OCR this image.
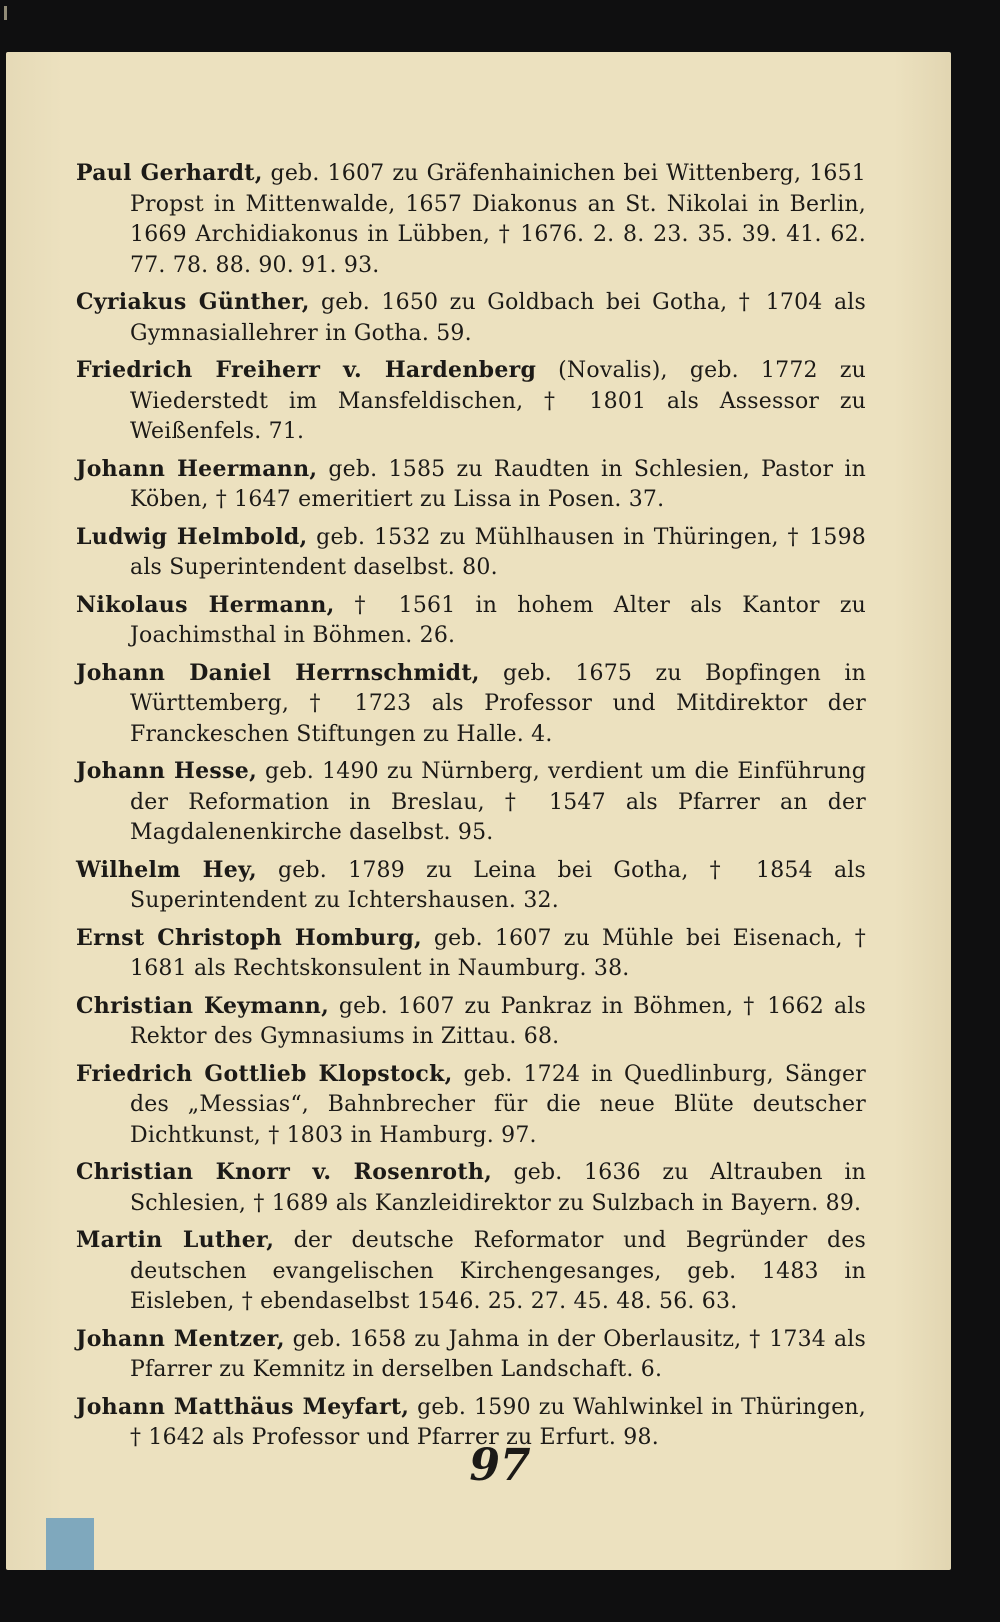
Paul Gerhardt, geb. 1607 zu Gräfenhainichen bei Wittenberg, 1651 Propst in Mittenwalde, 1657 Diakonus an St. Nikolai in Berlin, 1669 Archidiakonus in Lübben, † 1676. 2. 8. 23. 35. 39. 41. 62. 77. 78. 88. 90. 91. 93.

Cyriakus Günther, geb. 1650 zu Goldbach bei Gotha, † 1704 als Gymnasiallehrer in Gotha. 59.

Friedrich Freiherr v. Hardenberg (Novalis), geb. 1772 zu Wiederstedt im Mansfeldischen, † 1801 als Assessor zu Weißenfels. 71.

Johann Heermann, geb. 1585 zu Raudten in Schlesien, Pastor in Köben, † 1647 emeritiert zu Lissa in Posen. 37.

Ludwig Helmbold, geb. 1532 zu Mühlhausen in Thüringen, † 1598 als Superintendent daselbst. 80.

Nikolaus Hermann, † 1561 in hohem Alter als Kantor zu Joachimsthal in Böhmen. 26.

Johann Daniel Herrnschmidt, geb. 1675 zu Bopfingen in Württemberg, † 1723 als Professor und Mitdirektor der Franckeschen Stiftungen zu Halle. 4.

Johann Hesse, geb. 1490 zu Nürnberg, verdient um die Einführung der Reformation in Breslau, † 1547 als Pfarrer an der Magdalenenkirche daselbst. 95.

Wilhelm Hey, geb. 1789 zu Leina bei Gotha, † 1854 als Superintendent zu Ichtershausen. 32.

Ernst Christoph Homburg, geb. 1607 zu Mühle bei Eisenach, † 1681 als Rechtskonsulent in Naumburg. 38.

Christian Keymann, geb. 1607 zu Pankraz in Böhmen, † 1662 als Rektor des Gymnasiums in Zittau. 68.

Friedrich Gottlieb Klopstock, geb. 1724 in Quedlinburg, Sänger des „Messias“, Bahnbrecher für die neue Blüte deutscher Dichtkunst, † 1803 in Hamburg. 97.

Christian Knorr v. Rosenroth, geb. 1636 zu Altrauben in Schlesien, † 1689 als Kanzleidirektor zu Sulzbach in Bayern. 89.

Martin Luther, der deutsche Reformator und Begründer des deutschen evangelischen Kirchengesanges, geb. 1483 in Eisleben, † ebendaselbst 1546. 25. 27. 45. 48. 56. 63.

Johann Mentzer, geb. 1658 zu Jahma in der Oberlausitz, † 1734 als Pfarrer zu Kemnitz in derselben Landschaft. 6.

Johann Matthäus Meyfart, geb. 1590 zu Wahlwinkel in Thüringen, † 1642 als Professor und Pfarrer zu Erfurt. 98.

97
